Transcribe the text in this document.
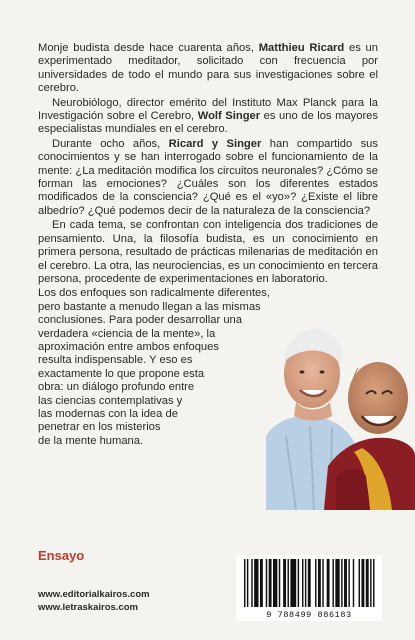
Monje budista desde hace cuarenta años, Matthieu Ricard es un experimentado meditador, solicitado con frecuencia por universidades de todo el mundo para sus investigaciones sobre el cerebro.

Neurobiólogo, director emérito del Instituto Max Planck para la Investigación sobre el Cerebro, Wolf Singer es uno de los mayores especialistas mundiales en el cerebro.

Durante ocho años, Ricard y Singer han compartido sus conocimientos y se han interrogado sobre el funcionamiento de la mente: ¿La meditación modifica los circuitos neuronales? ¿Cómo se forman las emociones? ¿Cuáles son los diferentes estados modificados de la consciencia? ¿Qué es el «yo»? ¿Existe el libre albedrío? ¿Qué podemos decir de la naturaleza de la consciencia?

En cada tema, se confrontan con inteligencia dos tradiciones de pensamiento. Una, la filosofía budista, es un conocimiento en primera persona, resultado de prácticas milenarias de meditación en el cerebro. La otra, las neurociencias, es un conocimiento en tercera persona, procedente de experimentaciones en laboratorio.

Los dos enfoques son radicalmente diferentes,

pero bastante a menudo llegan a las mismas

conclusiones. Para poder desarrollar una

verdadera «ciencia de la mente», la

aproximación entre ambos enfoques

resulta indispensable. Y eso es

exactamente lo que propone esta

obra: un diálogo profundo entre

las ciencias contemplativas y

las modernas con la idea de

penetrar en los misterios

de la mente humana.

Ensayo
www.editorialkairos.com
www.letraskairos.com
9 788499 886183
